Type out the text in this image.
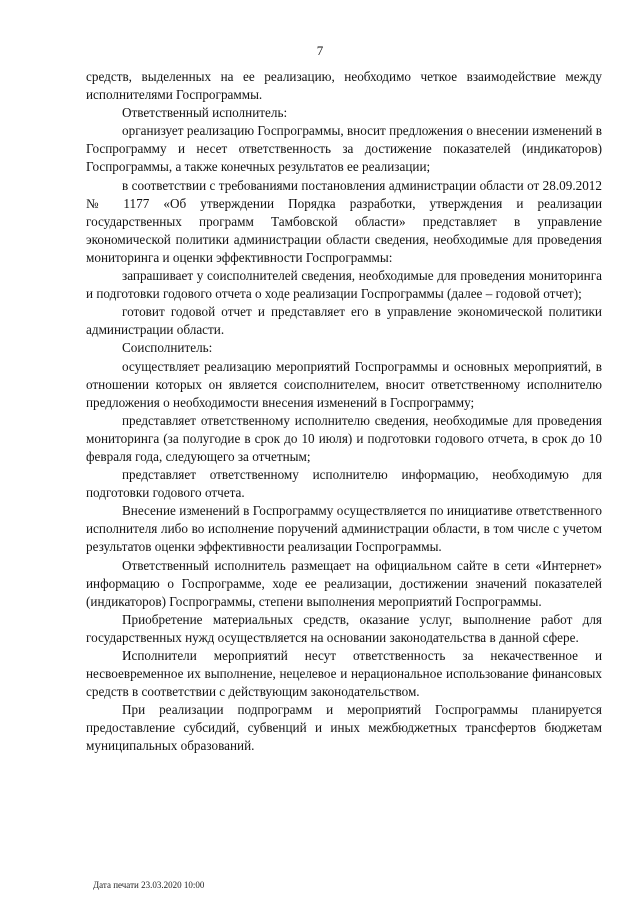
7

средств, выделенных на ее реализацию, необходимо четкое взаимодействие между исполнителями Госпрограммы.

Ответственный исполнитель:

организует реализацию Госпрограммы, вносит предложения о внесении изменений в Госпрограмму и несет ответственность за достижение показателей (индикаторов) Госпрограммы, а также конечных результатов ее реализации;

в соответствии с требованиями постановления администрации области от 28.09.2012 № 1177 «Об утверждении Порядка разработки, утверждения и реализации государственных программ Тамбовской области» представляет в управление экономической политики администрации области сведения, необходимые для проведения мониторинга и оценки эффективности Госпрограммы:

запрашивает у соисполнителей сведения, необходимые для проведения мониторинга и подготовки годового отчета о ходе реализации Госпрограммы (далее – годовой отчет);

готовит годовой отчет и представляет его в управление экономической политики администрации области.

Соисполнитель:

осуществляет реализацию мероприятий Госпрограммы и основных мероприятий, в отношении которых он является соисполнителем, вносит ответственному исполнителю предложения о необходимости внесения изменений в Госпрограмму;

представляет ответственному исполнителю сведения, необходимые для проведения мониторинга (за полугодие в срок до 10 июля) и подготовки годового отчета, в срок до 10 февраля года, следующего за отчетным;

представляет ответственному исполнителю информацию, необходимую для подготовки годового отчета.

Внесение изменений в Госпрограмму осуществляется по инициативе ответственного исполнителя либо во исполнение поручений администрации области, в том числе с учетом результатов оценки эффективности реализации Госпрограммы.

Ответственный исполнитель размещает на официальном сайте в сети «Интернет» информацию о Госпрограмме, ходе ее реализации, достижении значений показателей (индикаторов) Госпрограммы, степени выполнения мероприятий Госпрограммы.

Приобретение материальных средств, оказание услуг, выполнение работ для государственных нужд осуществляется на основании законодательства в данной сфере.

Исполнители мероприятий несут ответственность за некачественное и несвоевременное их выполнение, нецелевое и нерациональное использование финансовых средств в соответствии с действующим законодательством.

При реализации подпрограмм и мероприятий Госпрограммы планируется предоставление субсидий, субвенций и иных межбюджетных трансфертов бюджетам муниципальных образований.

Дата печати 23.03.2020 10:00
